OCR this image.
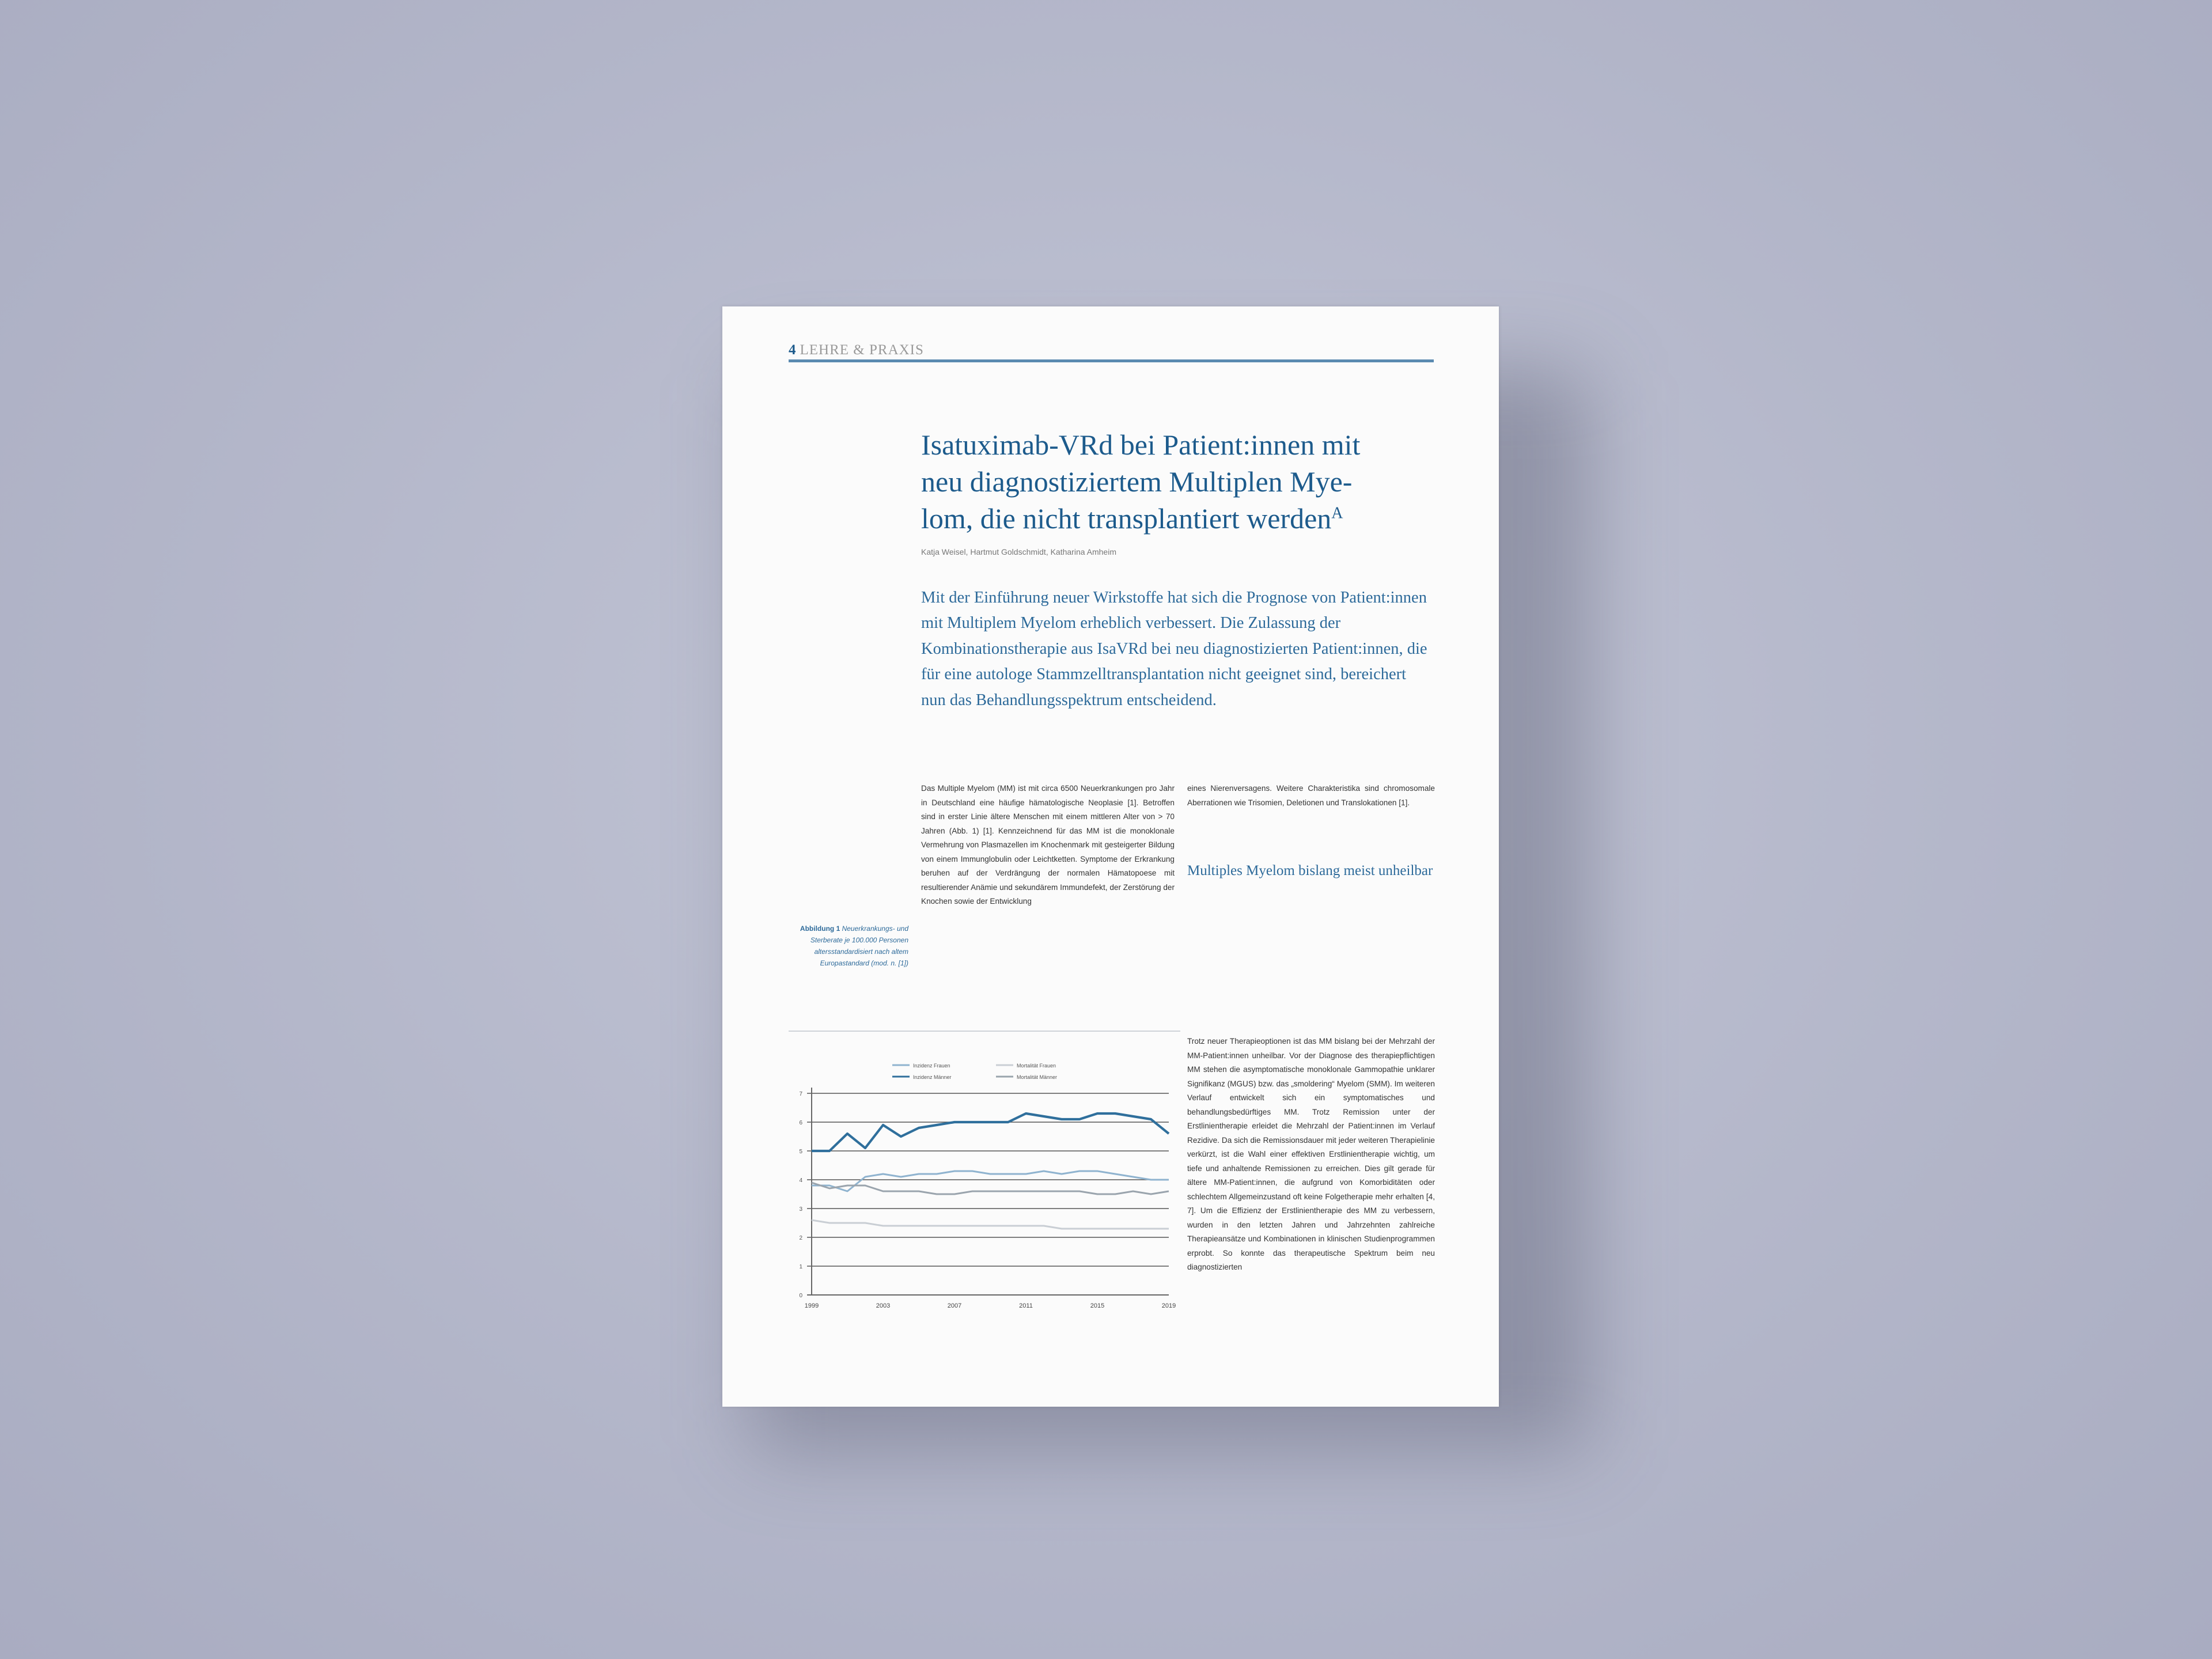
4 LEHRE & PRAXIS
Isatuximab-VRd bei Patient:innen mit
neu diagnostiziertem Multiplen Mye-
lom, die nicht transplantiert werden$^A$
Katja Weisel, Hartmut Goldschmidt, Katharina Amheim
Mit der Einführung neuer Wirkstoffe hat sich die Prognose von Patient:innen mit Multiplem Myelom erheblich verbessert. Die Zulassung der Kombinationstherapie aus IsaVRd bei neu diagnostizierten Patient:innen, die für eine autologe Stammzelltransplantation nicht geeignet sind, bereichert nun das Behandlungsspektrum entscheidend.
Das Multiple Myelom (MM) ist mit circa 6500 Neuerkrankungen pro Jahr in Deutschland eine häufige hämatologische Neoplasie [1]. Betroffen sind in erster Linie ältere Menschen mit einem mittleren Alter von > 70 Jahren (Abb. 1) [1]. Kennzeichnend für das MM ist die monoklonale Vermehrung von Plasmazellen im Knochenmark mit gesteigerter Bildung von einem Immunglobulin oder Leichtketten. Symptome der Erkrankung beruhen auf der Verdrängung der normalen Hämatopoese mit resultierender Anämie und sekundärem Immundefekt, der Zerstörung der Knochen sowie der Entwicklung
eines Nierenversagens. Weitere Charakteristika sind chromosomale Aberrationen wie Trisomien, Deletionen und Translokationen [1].
Multiples Myelom bislang meist unheilbar
Trotz neuer Therapieoptionen ist das MM bislang bei der Mehrzahl der MM-Patient:innen unheilbar. Vor der Diagnose des therapiepflichtigen MM stehen die asymptomatische monoklonale Gammopathie unklarer Signifikanz (MGUS) bzw. das „smoldering“ Myelom (SMM). Im weiteren Verlauf entwickelt sich ein symptomatisches und behandlungsbedürftiges MM. Trotz Remission unter der Erstlinientherapie erleidet die Mehrzahl der Patient:innen im Verlauf Rezidive. Da sich die Remissionsdauer mit jeder weiteren Therapielinie verkürzt, ist die Wahl einer effektiven Erstlinientherapie wichtig, um tiefe und anhaltende Remissionen zu erreichen. Dies gilt gerade für ältere MM-Patient:innen, die aufgrund von Komorbiditäten oder schlechtem Allgemeinzustand oft keine Folgetherapie mehr erhalten [4, 7]. Um die Effizienz der Erstlinientherapie des MM zu verbessern, wurden in den letzten Jahren und Jahrzehnten zahlreiche Therapieansätze und Kombinationen in klinischen Studienprogrammen erprobt. So konnte das therapeutische Spektrum beim neu diagnostizierten
Abbildung 1 Neuerkrankungs- und Sterberate je 100.000 Personen altersstandardisiert nach altem Europastandard (mod. n. [1])
0
1
2
3
4
5
6
7
1999	2003	2007	2011	2015	2019
Inzidenz Frauen	Mortalität Frauen
Inzidenz Männer	Mortalität Männer
